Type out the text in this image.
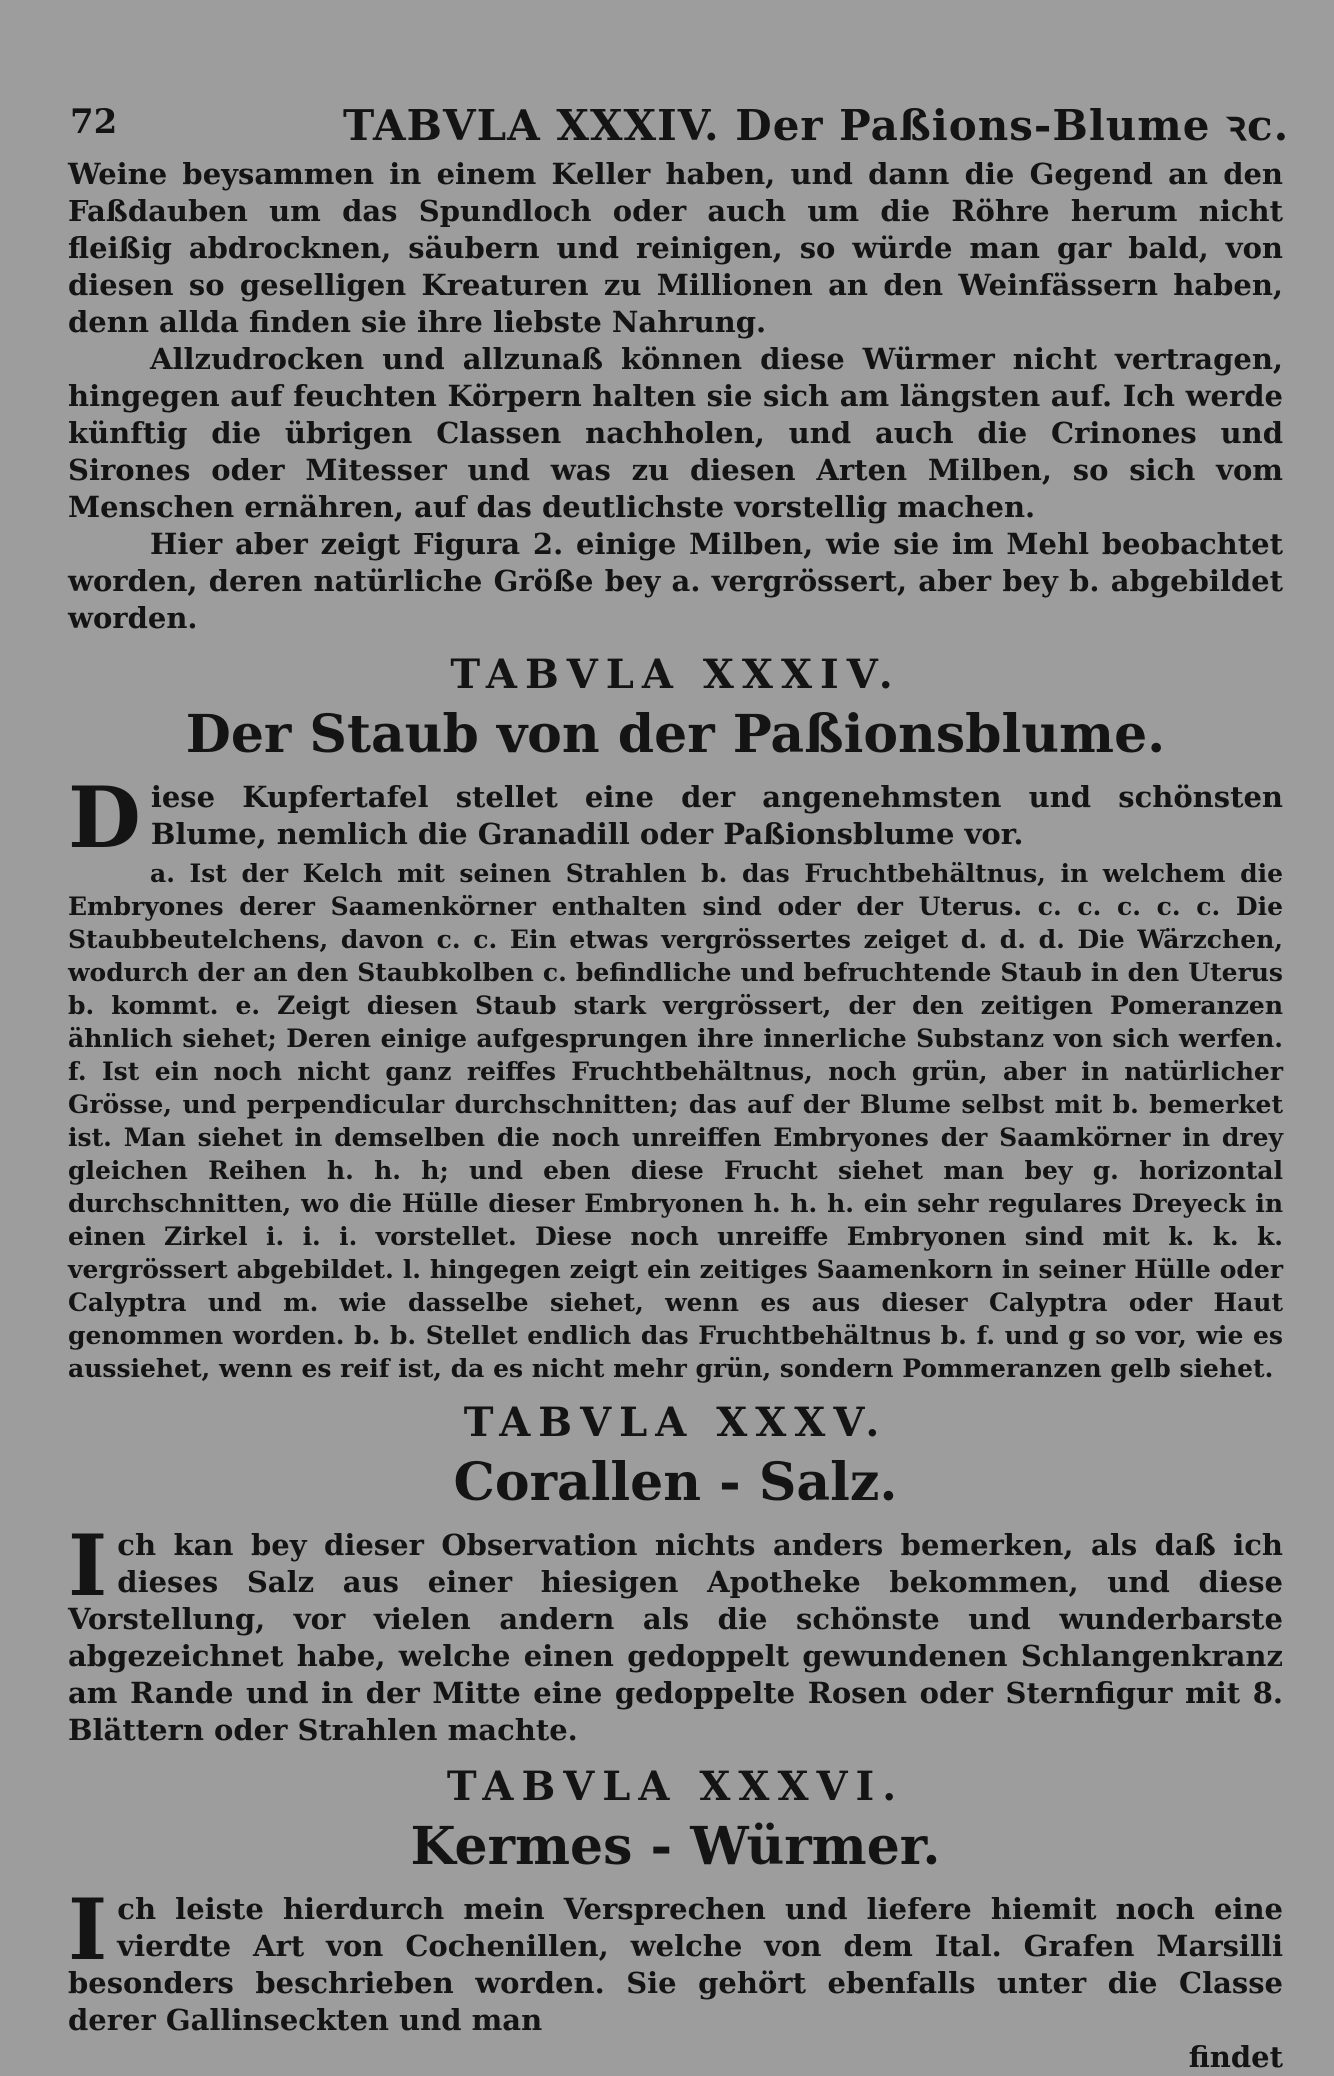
72	TABVLA XXXIV. Der Paßions-Blume ꝛc.

Weine beysammen in einem Keller haben, und dann die Gegend an den Faßdauben um das Spundloch oder auch um die Röhre herum nicht fleißig abdrocknen, säubern und reinigen, so würde man gar bald, von diesen so geselligen Kreaturen zu Millionen an den Weinfässern haben, denn allda finden sie ihre liebste Nahrung.

Allzudrocken und allzunaß können diese Würmer nicht vertragen, hingegen auf feuchten Körpern halten sie sich am längsten auf. Ich werde künftig die übrigen Classen nachholen, und auch die Crinones und Sirones oder Mitesser und was zu diesen Arten Milben, so sich vom Menschen ernähren, auf das deutlichste vorstellig machen.

Hier aber zeigt Figura 2. einige Milben, wie sie im Mehl beobachtet worden, deren natürliche Größe bey a. vergrössert, aber bey b. abgebildet worden.

TABVLA XXXIV.
Der Staub von der Paßionsblume.

Diese Kupfertafel stellet eine der angenehmsten und schönsten Blume, nemlich die Granadill oder Paßionsblume vor.

a. Ist der Kelch mit seinen Strahlen b. das Fruchtbehältnus, in welchem die Embryones derer Saamenkörner enthalten sind oder der Uterus. c. c. c. c. c. Die Staubbeutelchens, davon c. c. Ein etwas vergrössertes zeiget d. d. d. Die Wärzchen, wodurch der an den Staubkolben c. befindliche und befruchtende Staub in den Uterus b. kommt. e. Zeigt diesen Staub stark vergrössert, der den zeitigen Pomeranzen ähnlich siehet; Deren einige aufgesprungen ihre innerliche Substanz von sich werfen. f. Ist ein noch nicht ganz reiffes Fruchtbehältnus, noch grün, aber in natürlicher Grösse, und perpendicular durchschnitten; das auf der Blume selbst mit b. bemerket ist. Man siehet in demselben die noch unreiffen Embryones der Saamkörner in drey gleichen Reihen h. h. h; und eben diese Frucht siehet man bey g. horizontal durchschnitten, wo die Hülle dieser Embryonen h. h. h. ein sehr regulares Dreyeck in einen Zirkel i. i. i. vorstellet. Diese noch unreiffe Embryonen sind mit k. k. k. vergrössert abgebildet. l. hingegen zeigt ein zeitiges Saamenkorn in seiner Hülle oder Calyptra und m. wie dasselbe siehet, wenn es aus dieser Calyptra oder Haut genommen worden. b. b. Stellet endlich das Fruchtbehältnus b. f. und g so vor, wie es aussiehet, wenn es reif ist, da es nicht mehr grün, sondern Pommeranzen gelb siehet.

TABVLA XXXV.
Corallen - Salz.

Ich kan bey dieser Observation nichts anders bemerken, als daß ich dieses Salz aus einer hiesigen Apotheke bekommen, und diese Vorstellung, vor vielen andern als die schönste und wunderbarste abgezeichnet habe, welche einen gedoppelt gewundenen Schlangenkranz am Rande und in der Mitte eine gedoppelte Rosen oder Sternfigur mit 8. Blättern oder Strahlen machte.

TABVLA XXXVI.
Kermes - Würmer.

Ich leiste hierdurch mein Versprechen und liefere hiemit noch eine vierdte Art von Cochenillen, welche von dem Ital. Grafen Marsilli besonders beschrieben worden. Sie gehört ebenfalls unter die Classe derer Gallinseckten und man

findet
